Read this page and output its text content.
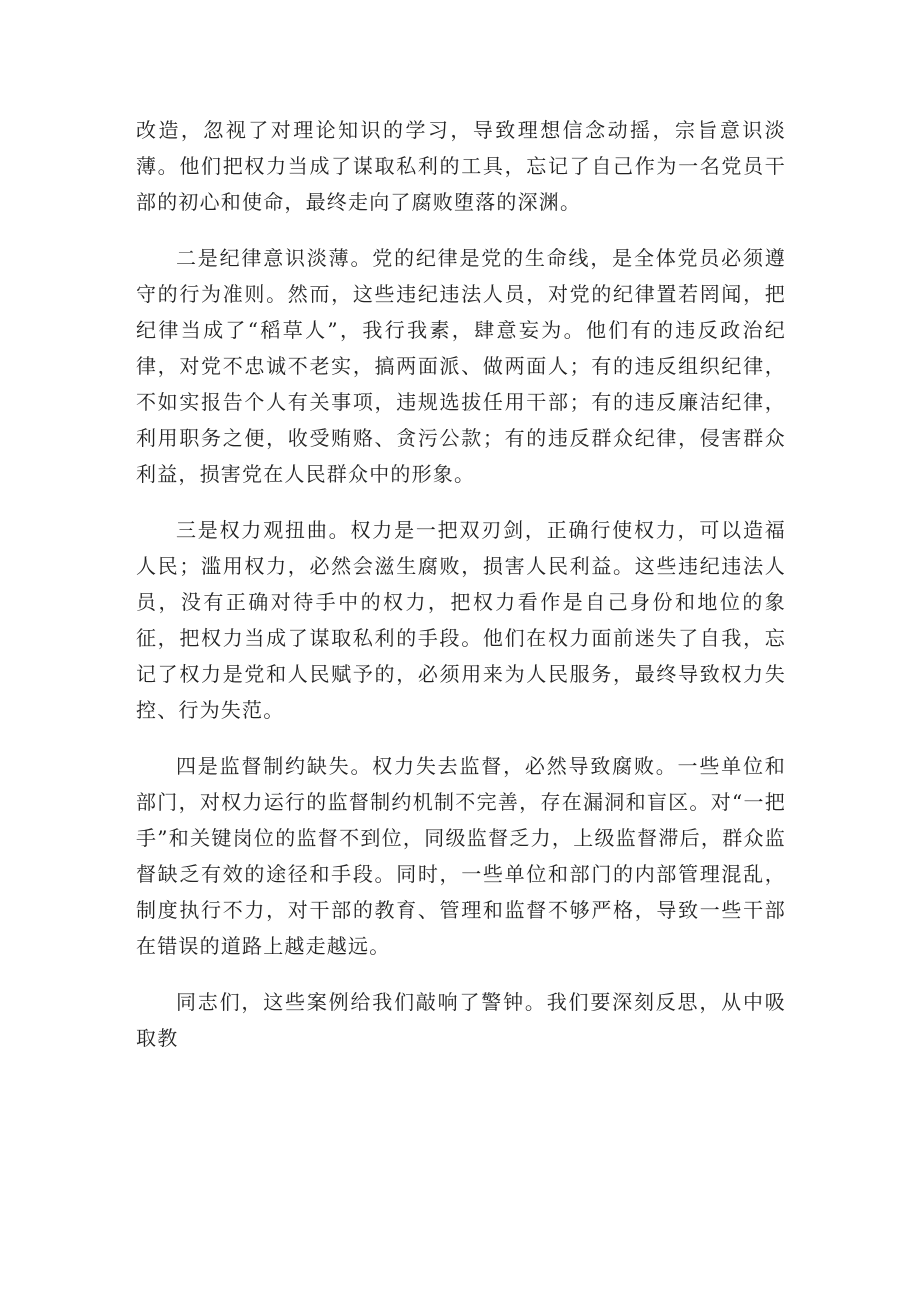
改造，忽视了对理论知识的学习，导致理想信念动摇，宗旨意识淡薄。他们把权力当成了谋取私利的工具，忘记了自己作为一名党员干部的初心和使命，最终走向了腐败堕落的深渊。

二是纪律意识淡薄。党的纪律是党的生命线，是全体党员必须遵守的行为准则。然而，这些违纪违法人员，对党的纪律置若罔闻，把纪律当成了“稻草人”，我行我素，肆意妄为。他们有的违反政治纪律，对党不忠诚不老实，搞两面派、做两面人；有的违反组织纪律，不如实报告个人有关事项，违规选拔任用干部；有的违反廉洁纪律，利用职务之便，收受贿赂、贪污公款；有的违反群众纪律，侵害群众利益，损害党在人民群众中的形象。

三是权力观扭曲。权力是一把双刃剑，正确行使权力，可以造福人民；滥用权力，必然会滋生腐败，损害人民利益。这些违纪违法人员，没有正确对待手中的权力，把权力看作是自己身份和地位的象征，把权力当成了谋取私利的手段。他们在权力面前迷失了自我，忘记了权力是党和人民赋予的，必须用来为人民服务，最终导致权力失控、行为失范。

四是监督制约缺失。权力失去监督，必然导致腐败。一些单位和部门，对权力运行的监督制约机制不完善，存在漏洞和盲区。对“一把手”和关键岗位的监督不到位，同级监督乏力，上级监督滞后，群众监督缺乏有效的途径和手段。同时，一些单位和部门的内部管理混乱，制度执行不力，对干部的教育、管理和监督不够严格，导致一些干部在错误的道路上越走越远。

同志们，这些案例给我们敲响了警钟。我们要深刻反思，从中吸取教
